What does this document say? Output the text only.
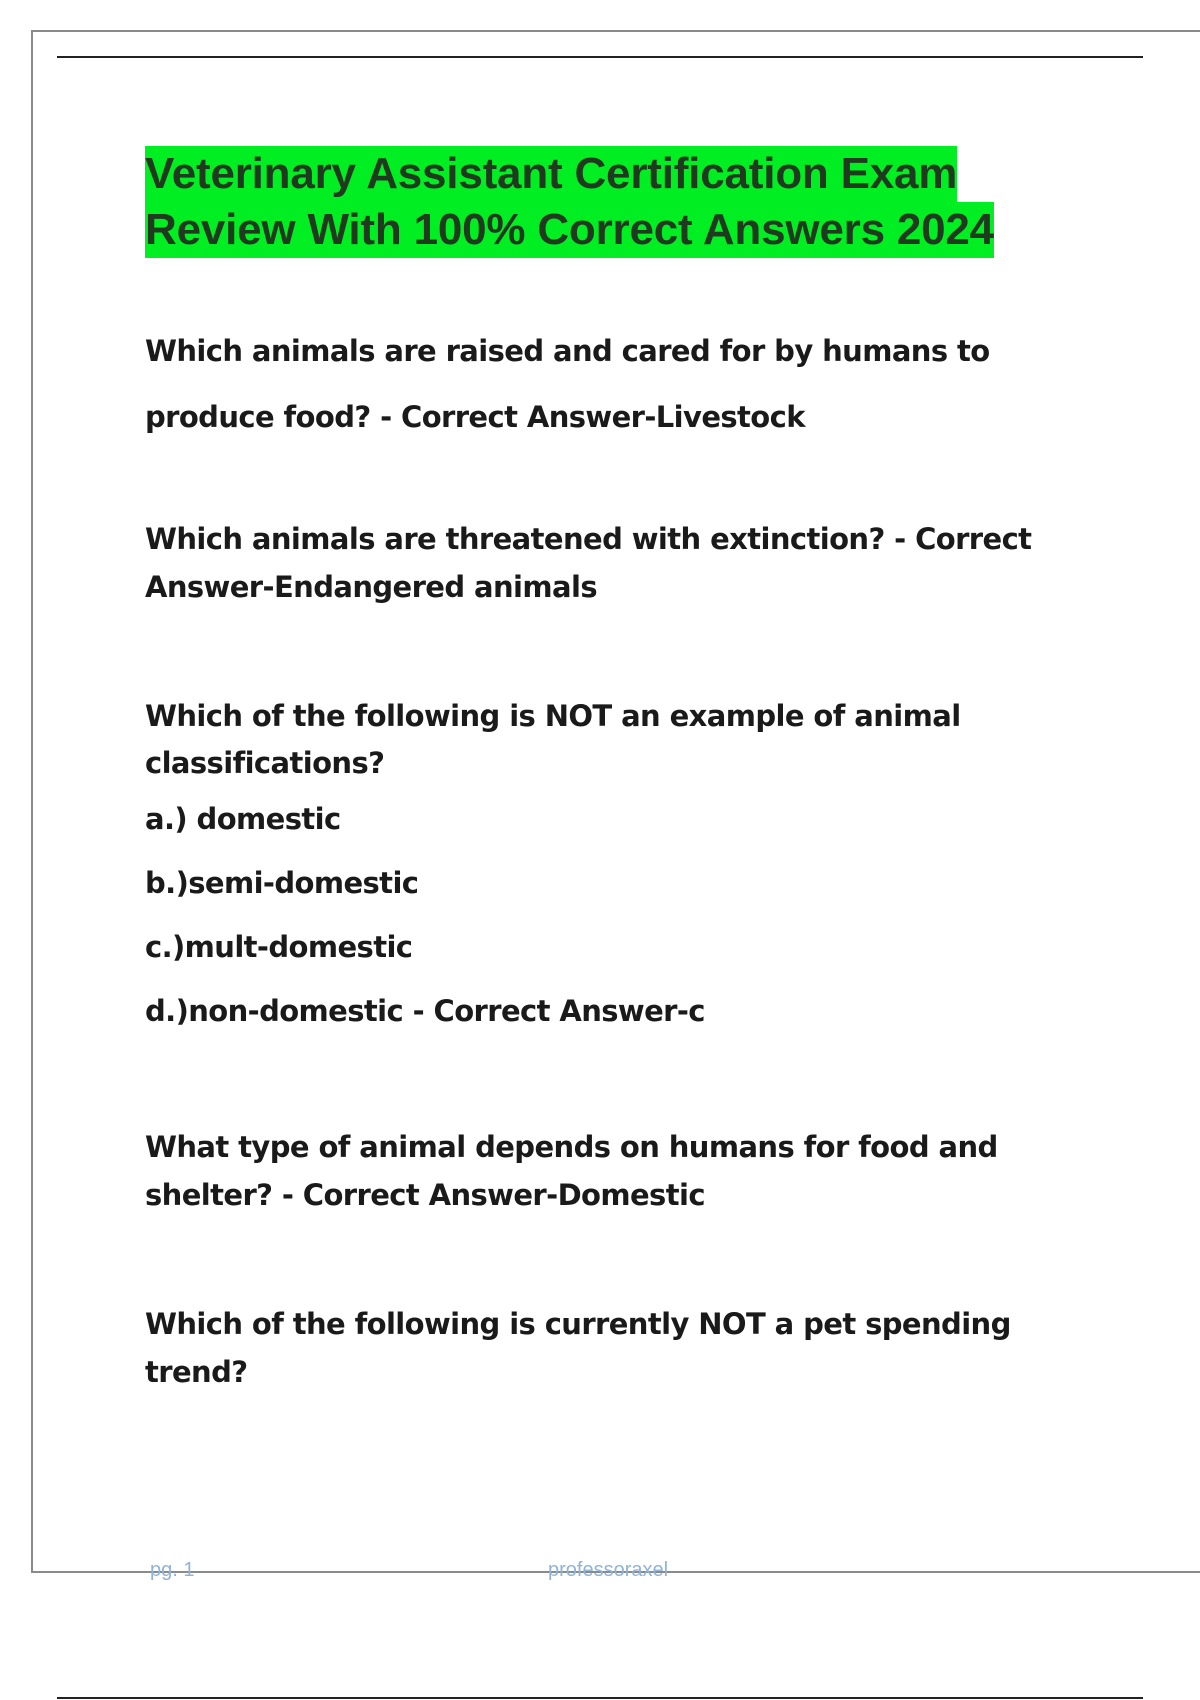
Veterinary Assistant Certification Exam
Review With 100% Correct Answers 2024

Which animals are raised and cared for by humans to produce food? - Correct Answer-Livestock

Which animals are threatened with extinction? - Correct Answer-Endangered animals

Which of the following is NOT an example of animal classifications?

a.) domestic

b.)semi-domestic

c.)mult-domestic

d.)non-domestic - Correct Answer-c

What type of animal depends on humans for food and shelter? - Correct Answer-Domestic

Which of the following is currently NOT a pet spending trend?

pg. 1	professoraxel
